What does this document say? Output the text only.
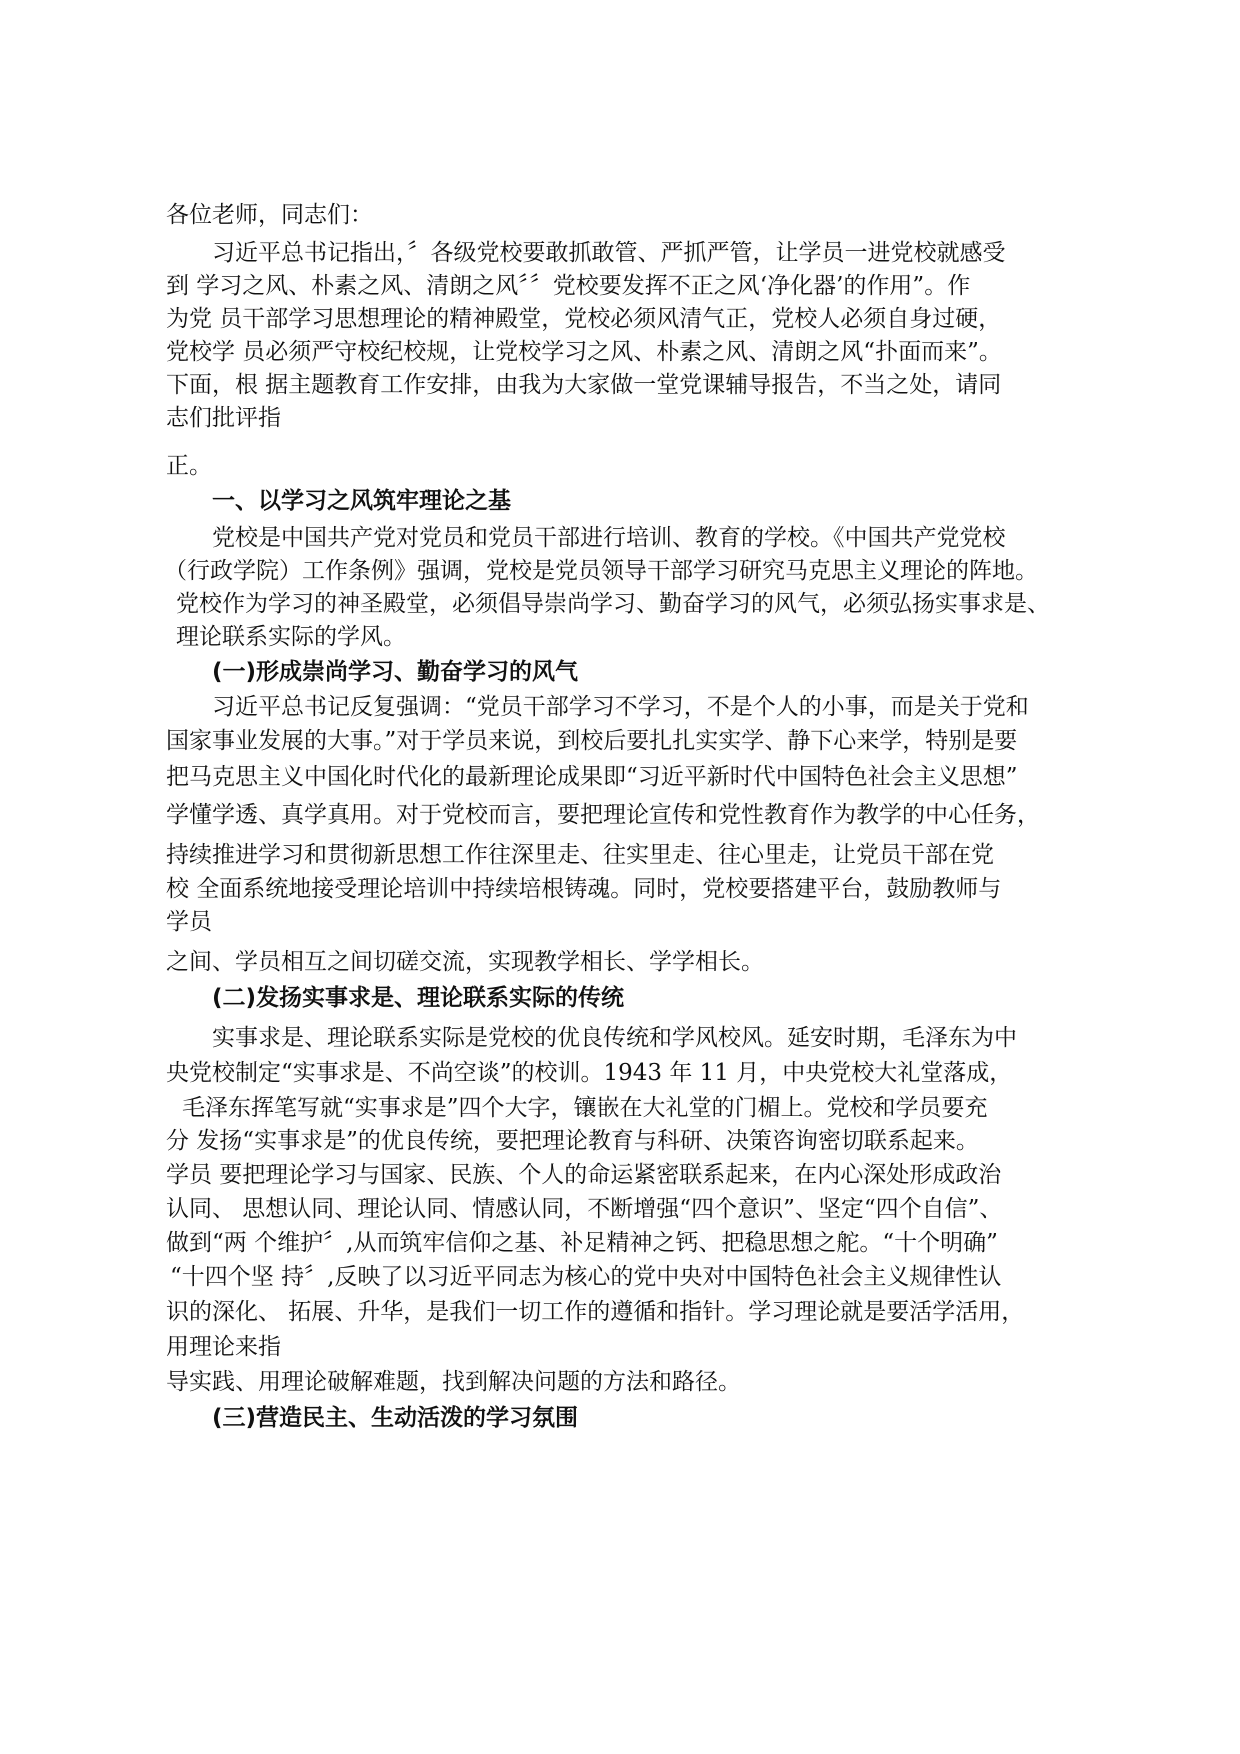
各位老师，同志们：
习近平总书记指出，〞各级党校要敢抓敢管、严抓严管，让学员一进党校就感受
到 学习之风、朴素之风、清朗之风〞〞党校要发挥不正之风‘净化器’的作用”。作
为党 员干部学习思想理论的精神殿堂，党校必须风清气正，党校人必须自身过硬，
党校学 员必须严守校纪校规，让党校学习之风、朴素之风、清朗之风“扑面而来”。
下面，根 据主题教育工作安排，由我为大家做一堂党课辅导报告，不当之处，请同
志们批评指
正。
一、以学习之风筑牢理论之基
党校是中国共产党对党员和党员干部进行培训、教育的学校。《中国共产党党校
（行政学院）工作条例》强调，党校是党员领导干部学习研究马克思主义理论的阵地。
党校作为学习的神圣殿堂，必须倡导崇尚学习、勤奋学习的风气，必须弘扬实事求是、
理论联系实际的学风。
(一)形成崇尚学习、勤奋学习的风气
习近平总书记反复强调：“党员干部学习不学习，不是个人的小事，而是关于党和
国家事业发展的大事。”对于学员来说，到校后要扎扎实实学、静下心来学，特别是要
把马克思主义中国化时代化的最新理论成果即“习近平新时代中国特色社会主义思想”
学懂学透、真学真用。对于党校而言，要把理论宣传和党性教育作为教学的中心任务，
持续推进学习和贯彻新思想工作往深里走、往实里走、往心里走，让党员干部在党
校 全面系统地接受理论培训中持续培根铸魂。同时，党校要搭建平台，鼓励教师与
学员
之间、学员相互之间切磋交流，实现教学相长、学学相长。
(二)发扬实事求是、理论联系实际的传统
实事求是、理论联系实际是党校的优良传统和学风校风。延安时期，毛泽东为中
央党校制定“实事求是、不尚空谈”的校训。1943 年 11 月，中央党校大礼堂落成，
毛泽东挥笔写就“实事求是”四个大字，镶嵌在大礼堂的门楣上。党校和学员要充
分 发扬“实事求是”的优良传统，要把理论教育与科研、决策咨询密切联系起来。
学员 要把理论学习与国家、民族、个人的命运紧密联系起来，在内心深处形成政治
认同、 思想认同、理论认同、情感认同，不断增强“四个意识”、坚定“四个自信”、
做到“两 个维护〞,从而筑牢信仰之基、补足精神之钙、把稳思想之舵。“十个明确”
“十四个坚 持〞,反映了以习近平同志为核心的党中央对中国特色社会主义规律性认
识的深化、 拓展、升华，是我们一切工作的遵循和指针。学习理论就是要活学活用，
用理论来指
导实践、用理论破解难题，找到解决问题的方法和路径。
(三)营造民主、生动活泼的学习氛围
